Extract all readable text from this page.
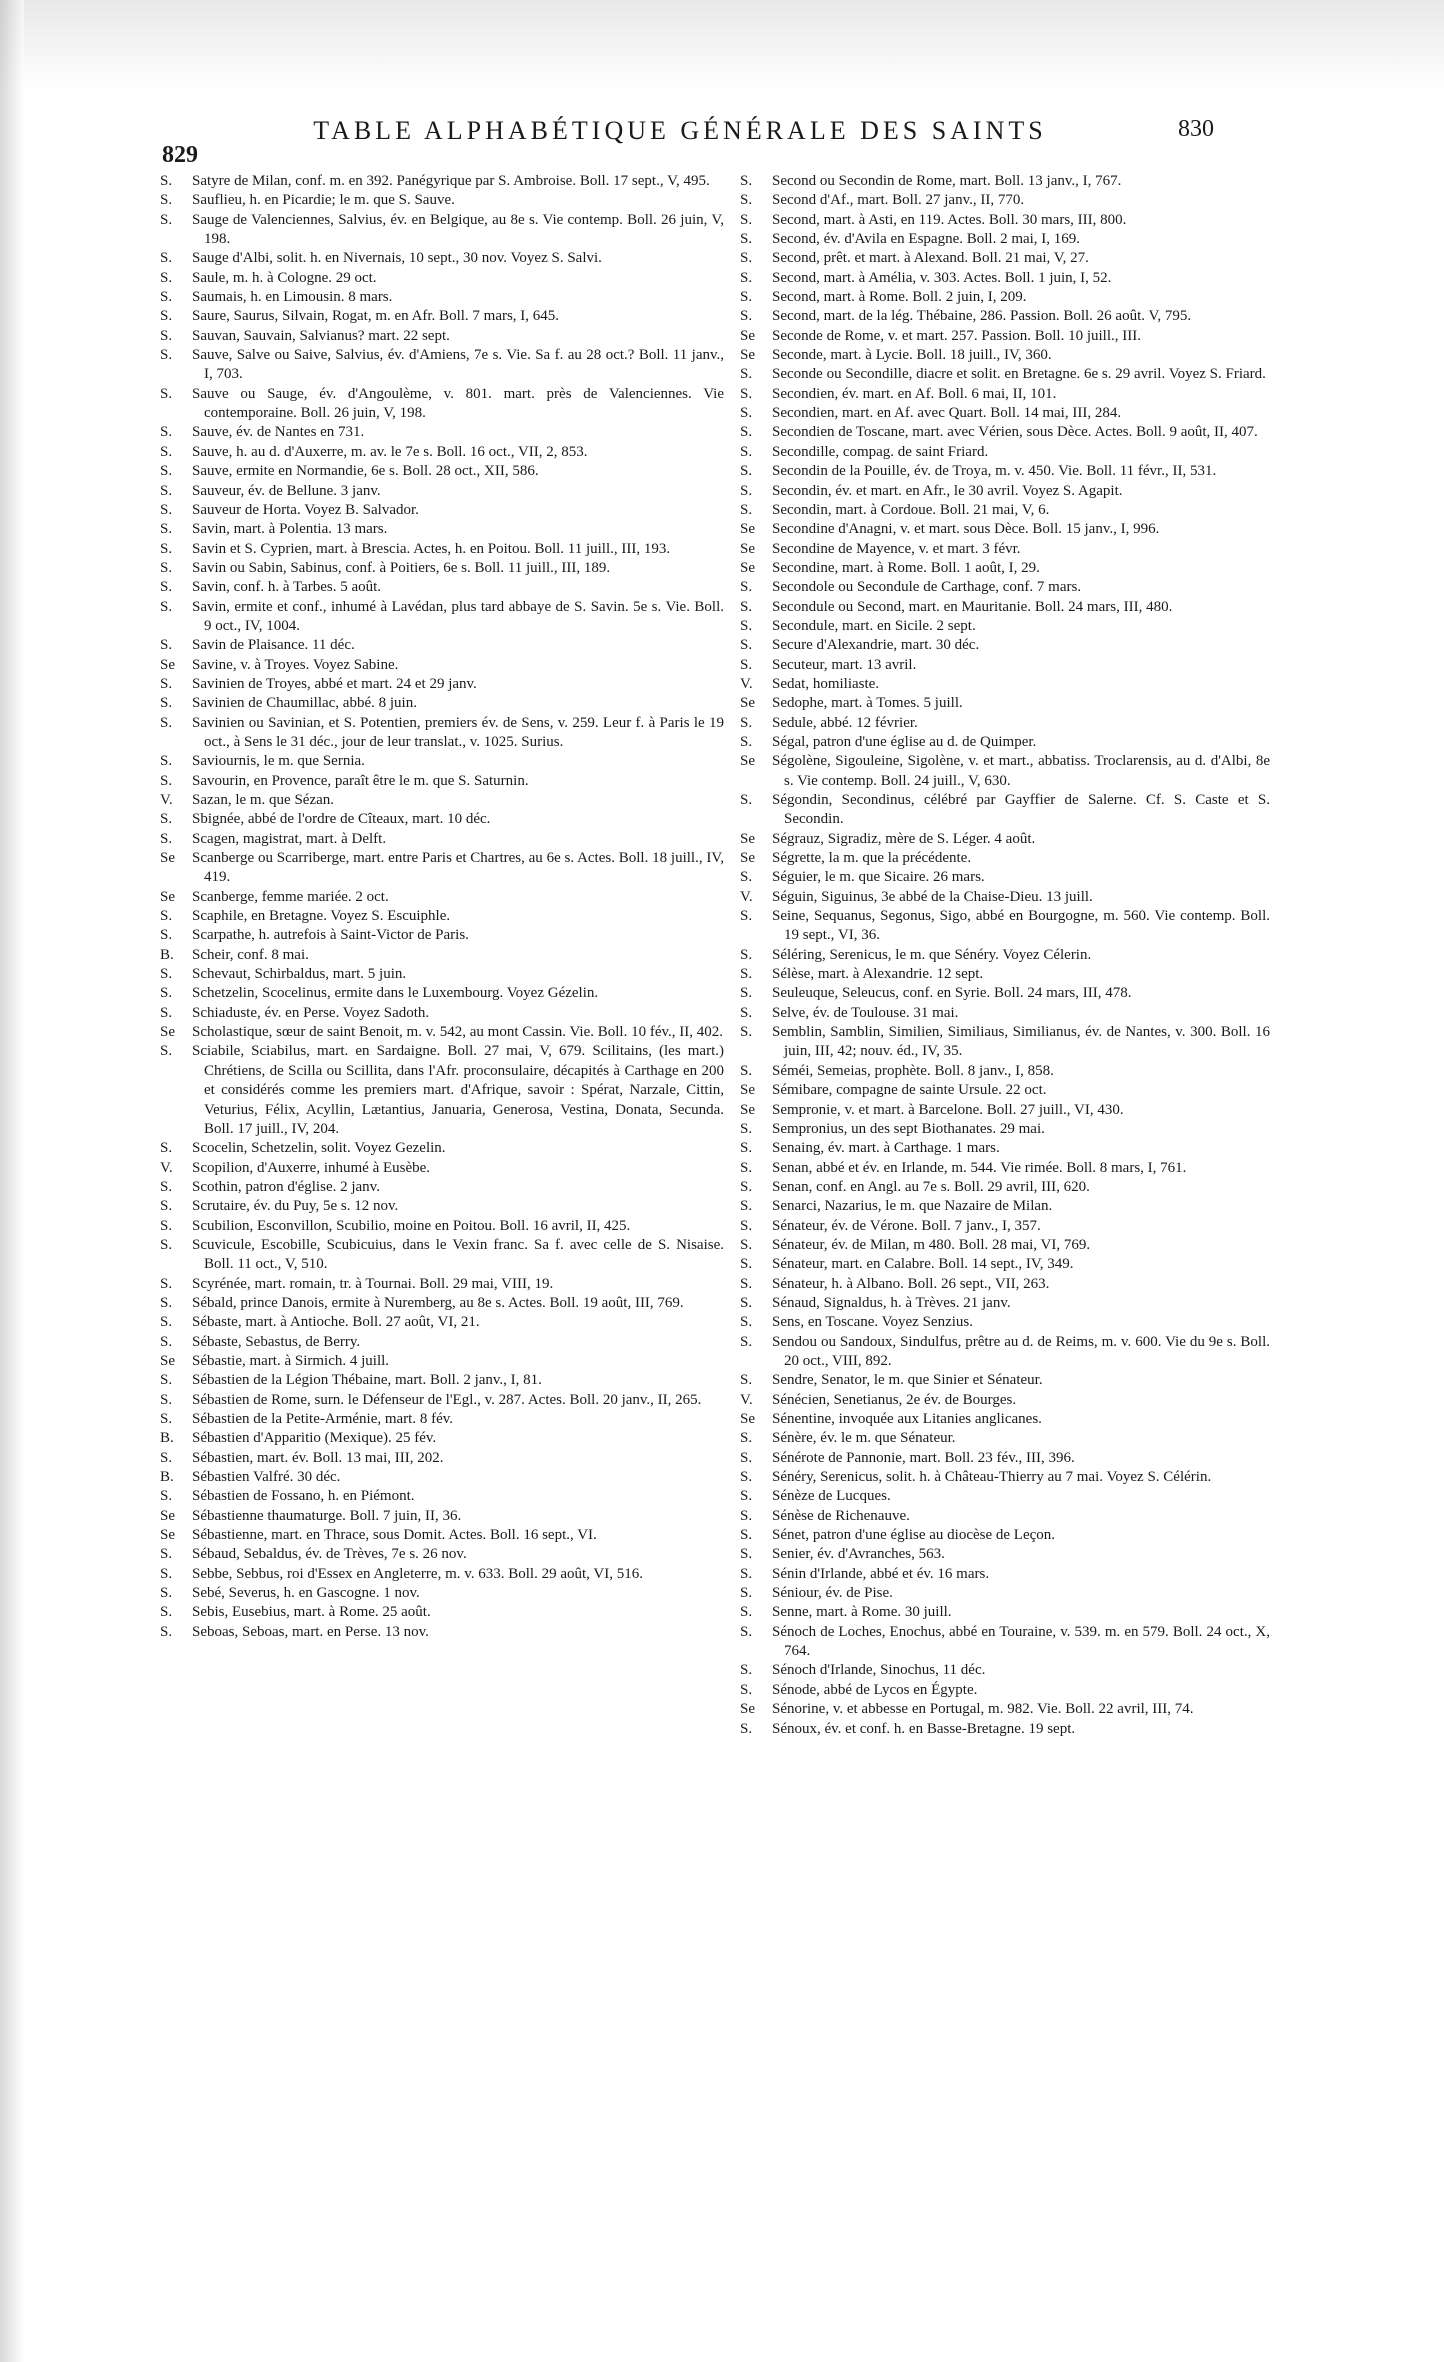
829
TABLE ALPHABÉTIQUE GÉNÉRALE DES SAINTS	830
S.	Satyre de Milan, conf. m. en 392. Panégyrique par S. Ambroise. Boll. 17 sept., V, 495.
S.	Sauflieu, h. en Picardie; le m. que S. Sauve.
S.	Sauge de Valenciennes, Salvius, év. en Belgique, au 8e s. Vie contemp. Boll. 26 juin, V, 198.
S.	Sauge d'Albi, solit. h. en Nivernais, 10 sept., 30 nov. Voyez S. Salvi.
S.	Saule, m. h. à Cologne. 29 oct.
S.	Saumais, h. en Limousin. 8 mars.
S.	Saure, Saurus, Silvain, Rogat, m. en Afr. Boll. 7 mars, I, 645.
S.	Sauvan, Sauvain, Salvianus? mart. 22 sept.
S.	Sauve, Salve ou Saive, Salvius, év. d'Amiens, 7e s. Vie. Sa f. au 28 oct.? Boll. 11 janv., I, 703.
S.	Sauve ou Sauge, év. d'Angoulème, v. 801. mart. près de Valenciennes. Vie contemporaine. Boll. 26 juin, V, 198.
S.	Sauve, év. de Nantes en 731.
S.	Sauve, h. au d. d'Auxerre, m. av. le 7e s. Boll. 16 oct., VII, 2, 853.
S.	Sauve, ermite en Normandie, 6e s. Boll. 28 oct., XII, 586.
S.	Sauveur, év. de Bellune. 3 janv.
S.	Sauveur de Horta. Voyez B. Salvador.
S.	Savin, mart. à Polentia. 13 mars.
S.	Savin et S. Cyprien, mart. à Brescia. Actes, h. en Poitou. Boll. 11 juill., III, 193.
S.	Savin ou Sabin, Sabinus, conf. à Poitiers, 6e s. Boll. 11 juill., III, 189.
S.	Savin, conf. h. à Tarbes. 5 août.
S.	Savin, ermite et conf., inhumé à Lavédan, plus tard abbaye de S. Savin. 5e s. Vie. Boll. 9 oct., IV, 1004.
S.	Savin de Plaisance. 11 déc.
Se	Savine, v. à Troyes. Voyez Sabine.
S.	Savinien de Troyes, abbé et mart. 24 et 29 janv.
S.	Savinien de Chaumillac, abbé. 8 juin.
S.	Savinien ou Savinian, et S. Potentien, premiers év. de Sens, v. 259. Leur f. à Paris le 19 oct., à Sens le 31 déc., jour de leur translat., v. 1025. Surius.
S.	Saviournis, le m. que Sernia.
S.	Savourin, en Provence, paraît être le m. que S. Saturnin.
V.	Sazan, le m. que Sézan.
S.	Sbignée, abbé de l'ordre de Cîteaux, mart. 10 déc.
S.	Scagen, magistrat, mart. à Delft.
Se	Scanberge ou Scarriberge, mart. entre Paris et Chartres, au 6e s. Actes. Boll. 18 juill., IV, 419.
Se	Scanberge, femme mariée. 2 oct.
S.	Scaphile, en Bretagne. Voyez S. Escuiphle.
S.	Scarpathe, h. autrefois à Saint-Victor de Paris.
B.	Scheir, conf. 8 mai.
S.	Schevaut, Schirbaldus, mart. 5 juin.
S.	Schetzelin, Scocelinus, ermite dans le Luxembourg. Voyez Gézelin.
S.	Schiaduste, év. en Perse. Voyez Sadoth.
Se	Scholastique, sœur de saint Benoit, m. v. 542, au mont Cassin. Vie. Boll. 10 fév., II, 402.
S.	Sciabile, Sciabilus, mart. en Sardaigne. Boll. 27 mai, V, 679. Scilitains, (les mart.) Chrétiens, de Scilla ou Scillita, dans l'Afr. proconsulaire, décapités à Carthage en 200 et considérés comme les premiers mart. d'Afrique, savoir : Spérat, Narzale, Cittin, Veturius, Félix, Acyllin, Lætantius, Januaria, Generosa, Vestina, Donata, Secunda. Boll. 17 juill., IV, 204.
S.	Scocelin, Schetzelin, solit. Voyez Gezelin.
V.	Scopilion, d'Auxerre, inhumé à Eusèbe.
S.	Scothin, patron d'église. 2 janv.
S.	Scrutaire, év. du Puy, 5e s. 12 nov.
S.	Scubilion, Esconvillon, Scubilio, moine en Poitou. Boll. 16 avril, II, 425.
S.	Scuvicule, Escobille, Scubicuius, dans le Vexin franc. Sa f. avec celle de S. Nisaise. Boll. 11 oct., V, 510.
S.	Scyrénée, mart. romain, tr. à Tournai. Boll. 29 mai, VIII, 19.
S.	Sébald, prince Danois, ermite à Nuremberg, au 8e s. Actes. Boll. 19 août, III, 769.
S.	Sébaste, mart. à Antioche. Boll. 27 août, VI, 21.
S.	Sébaste, Sebastus, de Berry.
Se	Sébastie, mart. à Sirmich. 4 juill.
S.	Sébastien de la Légion Thébaine, mart. Boll. 2 janv., I, 81.
S.	Sébastien de Rome, surn. le Défenseur de l'Egl., v. 287. Actes. Boll. 20 janv., II, 265.
S.	Sébastien de la Petite-Arménie, mart. 8 fév.
B.	Sébastien d'Apparitio (Mexique). 25 fév.
S.	Sébastien, mart. év. Boll. 13 mai, III, 202.
B.	Sébastien Valfré. 30 déc.
S.	Sébastien de Fossano, h. en Piémont.
Se	Sébastienne thaumaturge. Boll. 7 juin, II, 36.
Se	Sébastienne, mart. en Thrace, sous Domit. Actes. Boll. 16 sept., VI.
S.	Sébaud, Sebaldus, év. de Trèves, 7e s. 26 nov.
S.	Sebbe, Sebbus, roi d'Essex en Angleterre, m. v. 633. Boll. 29 août, VI, 516.
S.	Sebé, Severus, h. en Gascogne. 1 nov.
S.	Sebis, Eusebius, mart. à Rome. 25 août.
S.	Seboas, Seboas, mart. en Perse. 13 nov.
S.	Second ou Secondin de Rome, mart. Boll. 13 janv., I, 767.
S.	Second d'Af., mart. Boll. 27 janv., II, 770.
S.	Second, mart. à Asti, en 119. Actes. Boll. 30 mars, III, 800.
S.	Second, év. d'Avila en Espagne. Boll. 2 mai, I, 169.
S.	Second, prêt. et mart. à Alexand. Boll. 21 mai, V, 27.
S.	Second, mart. à Amélia, v. 303. Actes. Boll. 1 juin, I, 52.
S.	Second, mart. à Rome. Boll. 2 juin, I, 209.
S.	Second, mart. de la lég. Thébaine, 286. Passion. Boll. 26 août. V, 795.
Se	Seconde de Rome, v. et mart. 257. Passion. Boll. 10 juill., III.
Se	Seconde, mart. à Lycie. Boll. 18 juill., IV, 360.
S.	Seconde ou Secondille, diacre et solit. en Bretagne. 6e s. 29 avril. Voyez S. Friard.
S.	Secondien, év. mart. en Af. Boll. 6 mai, II, 101.
S.	Secondien, mart. en Af. avec Quart. Boll. 14 mai, III, 284.
S.	Secondien de Toscane, mart. avec Vérien, sous Dèce. Actes. Boll. 9 août, II, 407.
S.	Secondille, compag. de saint Friard.
S.	Secondin de la Pouille, év. de Troya, m. v. 450. Vie. Boll. 11 févr., II, 531.
S.	Secondin, év. et mart. en Afr., le 30 avril. Voyez S. Agapit.
S.	Secondin, mart. à Cordoue. Boll. 21 mai, V, 6.
Se	Secondine d'Anagni, v. et mart. sous Dèce. Boll. 15 janv., I, 996.
Se	Secondine de Mayence, v. et mart. 3 févr.
Se	Secondine, mart. à Rome. Boll. 1 août, I, 29.
S.	Secondole ou Secondule de Carthage, conf. 7 mars.
S.	Secondule ou Second, mart. en Mauritanie. Boll. 24 mars, III, 480.
S.	Secondule, mart. en Sicile. 2 sept.
S.	Secure d'Alexandrie, mart. 30 déc.
S.	Secuteur, mart. 13 avril.
V.	Sedat, homiliaste.
Se	Sedophe, mart. à Tomes. 5 juill.
S.	Sedule, abbé. 12 février.
S.	Ségal, patron d'une église au d. de Quimper.
Se	Ségolène, Sigouleine, Sigolène, v. et mart., abbatiss. Troclarensis, au d. d'Albi, 8e s. Vie contemp. Boll. 24 juill., V, 630.
S.	Ségondin, Secondinus, célébré par Gayffier de Salerne. Cf. S. Caste et S. Secondin.
Se	Ségrauz, Sigradiz, mère de S. Léger. 4 août.
Se	Ségrette, la m. que la précédente.
S.	Séguier, le m. que Sicaire. 26 mars.
V.	Séguin, Siguinus, 3e abbé de la Chaise-Dieu. 13 juill.
S.	Seine, Sequanus, Segonus, Sigo, abbé en Bourgogne, m. 560. Vie contemp. Boll. 19 sept., VI, 36.
S.	Séléring, Serenicus, le m. que Sénéry. Voyez Célerin.
S.	Sélèse, mart. à Alexandrie. 12 sept.
S.	Seuleuque, Seleucus, conf. en Syrie. Boll. 24 mars, III, 478.
S.	Selve, év. de Toulouse. 31 mai.
S.	Semblin, Samblin, Similien, Similiaus, Similianus, év. de Nantes, v. 300. Boll. 16 juin, III, 42; nouv. éd., IV, 35.
S.	Séméi, Semeias, prophète. Boll. 8 janv., I, 858.
Se	Sémibare, compagne de sainte Ursule. 22 oct.
Se	Sempronie, v. et mart. à Barcelone. Boll. 27 juill., VI, 430.
S.	Sempronius, un des sept Biothanates. 29 mai.
S.	Senaing, év. mart. à Carthage. 1 mars.
S.	Senan, abbé et év. en Irlande, m. 544. Vie rimée. Boll. 8 mars, I, 761.
S.	Senan, conf. en Angl. au 7e s. Boll. 29 avril, III, 620.
S.	Senarci, Nazarius, le m. que Nazaire de Milan.
S.	Sénateur, év. de Vérone. Boll. 7 janv., I, 357.
S.	Sénateur, év. de Milan, m 480. Boll. 28 mai, VI, 769.
S.	Sénateur, mart. en Calabre. Boll. 14 sept., IV, 349.
S.	Sénateur, h. à Albano. Boll. 26 sept., VII, 263.
S.	Sénaud, Signaldus, h. à Trèves. 21 janv.
S.	Sens, en Toscane. Voyez Senzius.
S.	Sendou ou Sandoux, Sindulfus, prêtre au d. de Reims, m. v. 600. Vie du 9e s. Boll. 20 oct., VIII, 892.
S.	Sendre, Senator, le m. que Sinier et Sénateur.
V.	Sénécien, Senetianus, 2e év. de Bourges.
Se	Sénentine, invoquée aux Litanies anglicanes.
S.	Sénère, év. le m. que Sénateur.
S.	Sénérote de Pannonie, mart. Boll. 23 fév., III, 396.
S.	Sénéry, Serenicus, solit. h. à Château-Thierry au 7 mai. Voyez S. Célérin.
S.	Sénèze de Lucques.
S.	Sénèse de Richenauve.
S.	Sénet, patron d'une église au diocèse de Leçon.
S.	Senier, év. d'Avranches, 563.
S.	Sénin d'Irlande, abbé et év. 16 mars.
S.	Séniour, év. de Pise.
S.	Senne, mart. à Rome. 30 juill.
S.	Sénoch de Loches, Enochus, abbé en Touraine, v. 539. m. en 579. Boll. 24 oct., X, 764.
S.	Sénoch d'Irlande, Sinochus, 11 déc.
S.	Sénode, abbé de Lycos en Égypte.
Se	Sénorine, v. et abbesse en Portugal, m. 982. Vie. Boll. 22 avril, III, 74.
S.	Sénoux, év. et conf. h. en Basse-Bretagne. 19 sept.
